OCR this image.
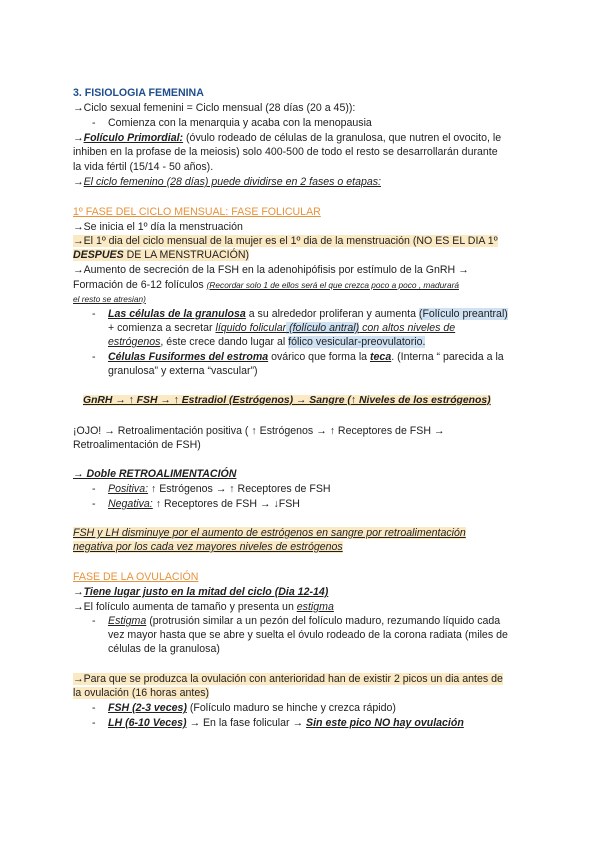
3. FISIOLOGIA FEMENINA
→Ciclo sexual femenini = Ciclo mensual (28 días (20 a 45)):
- Comienza con la menarquia y acaba con la menopausia
→Folículo Primordial: (óvulo rodeado de células de la granulosa, que nutren el ovocito, le
inhiben en la profase de la meiosis) solo 400-500 de todo el resto se desarrollarán durante
la vida fértil (15/14 - 50 años).
→El ciclo femenino (28 días) puede dividirse en 2 fases o etapas:
1º FASE DEL CICLO MENSUAL: FASE FOLICULAR
→Se inicia el 1º día la menstruación
→El 1º dia del ciclo mensual de la mujer es el 1º dia de la menstruación (NO ES EL DIA 1º
DESPUES DE LA MENSTRUACIÓN)
→Aumento de secreción de la FSH en la adenohipófisis por estímulo de la GnRH →
Formación de 6-12 folículos (Recordar solo 1 de ellos será el que crezca poco a poco , madurará
el resto se atresian)
- Las células de la granulosa a su alrededor proliferan y aumenta (Folículo preantral)
+ comienza a secretar líquido folicular (folículo antral) con altos niveles de
estrógenos, éste crece dando lugar al fólico vesicular-preovulatorio.
- Células Fusiformes del estroma ovárico que forma la teca. (Interna “ parecida a la
granulosa” y externa “vascular”)
GnRH → ↑ FSH → ↑ Estradiol (Estrógenos) → Sangre (↑ Niveles de los estrógenos)
¡OJO! → Retroalimentación positiva ( ↑ Estrógenos → ↑ Receptores de FSH →
Retroalimentación de FSH)
→ Doble RETROALIMENTACIÓN
- Positiva: ↑ Estrógenos → ↑ Receptores de FSH
- Negativa: ↑ Receptores de FSH → ↓FSH
FSH y LH disminuye por el aumento de estrógenos en sangre por retroalimentación
negativa por los cada vez mayores niveles de estrógenos
FASE DE LA OVULACIÓN
→Tiene lugar justo en la mitad del ciclo (Dia 12-14)
→El folículo aumenta de tamaño y presenta un estigma
- Estigma (protrusión similar a un pezón del folículo maduro, rezumando líquido cada
vez mayor hasta que se abre y suelta el óvulo rodeado de la corona radiata (miles de
células de la granulosa)
→Para que se produzca la ovulación con anterioridad han de existir 2 picos un dia antes de
la ovulación (16 horas antes)
- FSH (2-3 veces) (Folículo maduro se hinche y crezca rápido)
- LH (6-10 Veces) → En la fase folicular → Sin este pico NO hay ovulación
